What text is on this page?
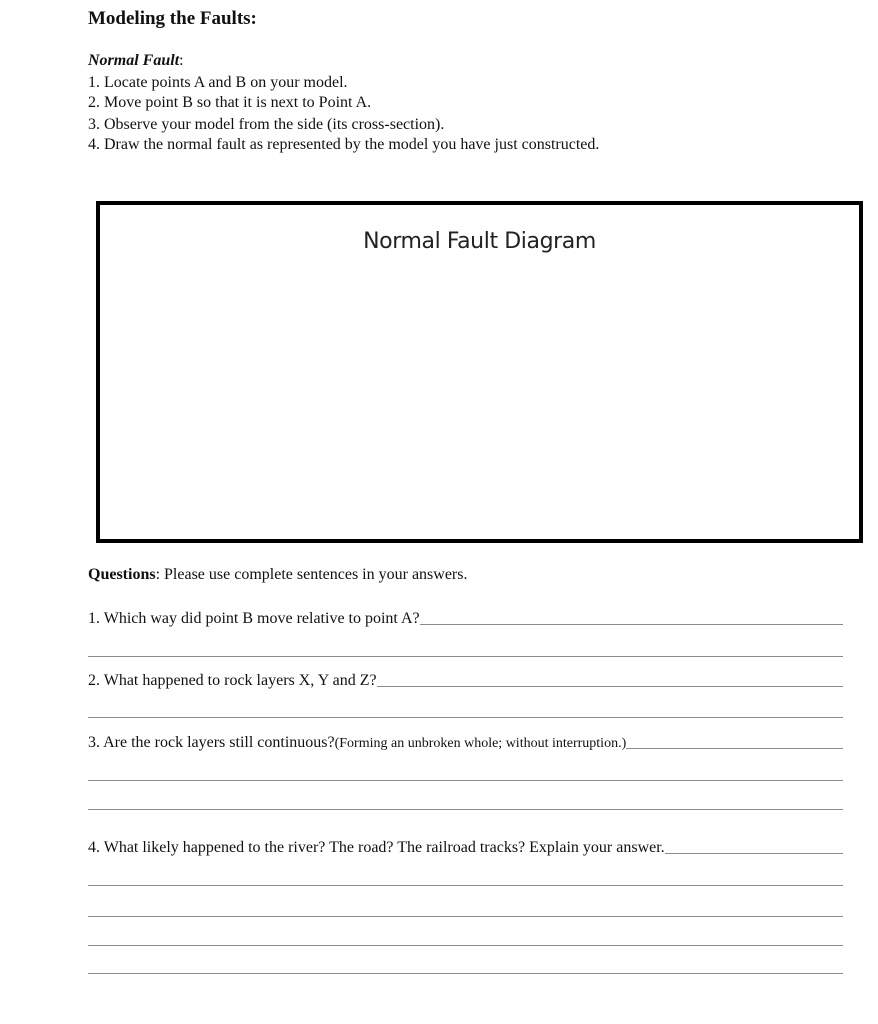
Modeling the Faults:
Normal Fault:
1. Locate points A and B on your model.
2. Move point B so that it is next to Point A.
3. Observe your model from the side (its cross-section).
4. Draw the normal fault as represented by the model you have just constructed.
Normal Fault Diagram
Questions: Please use complete sentences in your answers.
1. Which way did point B move relative to point A?
2. What happened to rock layers X, Y and Z?
3. Are the rock layers still continuous? (Forming an unbroken whole; without interruption.)
4. What likely happened to the river? The road? The railroad tracks? Explain your answer.
